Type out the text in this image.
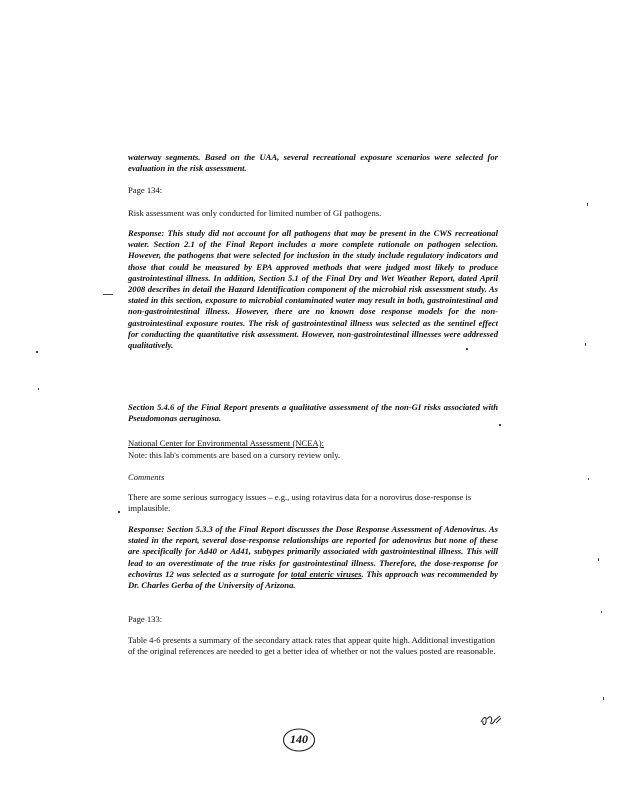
waterway segments. Based on the UAA, several recreational exposure scenarios were selected for evaluation in the risk assessment.

Page 134:

Risk assessment was only conducted for limited number of GI pathogens.

Response: This study did not account for all pathogens that may be present in the CWS recreational water. Section 2.1 of the Final Report includes a more complete rationale on pathogen selection. However, the pathogens that were selected for inclusion in the study include regulatory indicators and those that could be measured by EPA approved methods that were judged most likely to produce gastrointestinal illness. In addition, Section 5.1 of the Final Dry and Wet Weather Report, dated April 2008 describes in detail the Hazard Identification component of the microbial risk assessment study. As stated in this section, exposure to microbial contaminated water may result in both, gastrointestinal and non-gastrointestinal illness. However, there are no known dose response models for the non-gastrointestinal exposure routes. The risk of gastrointestinal illness was selected as the sentinel effect for conducting the quantitative risk assessment. However, non-gastrointestinal illnesses were addressed qualitatively.

Section 5.4.6 of the Final Report presents a qualitative assessment of the non-GI risks associated with Pseudomonas aeruginosa.

National Center for Environmental Assessment (NCEA):

Note: this lab's comments are based on a cursory review only.

Comments

There are some serious surrogacy issues – e.g., using rotavirus data for a norovirus dose-response is implausible.

Response: Section 5.3.3 of the Final Report discusses the Dose Response Assessment of Adenovirus. As stated in the report, several dose-response relationships are reported for adenovirus but none of these are specifically for Ad40 or Ad41, subtypes primarily associated with gastrointestinal illness. This will lead to an overestimate of the true risks for gastrointestinal illness. Therefore, the dose-response for echovirus 12 was selected as a surrogate for total enteric viruses. This approach was recommended by Dr. Charles Gerba of the University of Arizona.

Page 133:

Table 4-6 presents a summary of the secondary attack rates that appear quite high. Additional investigation of the original references are needed to get a better idea of whether or not the values posted are reasonable.

140
